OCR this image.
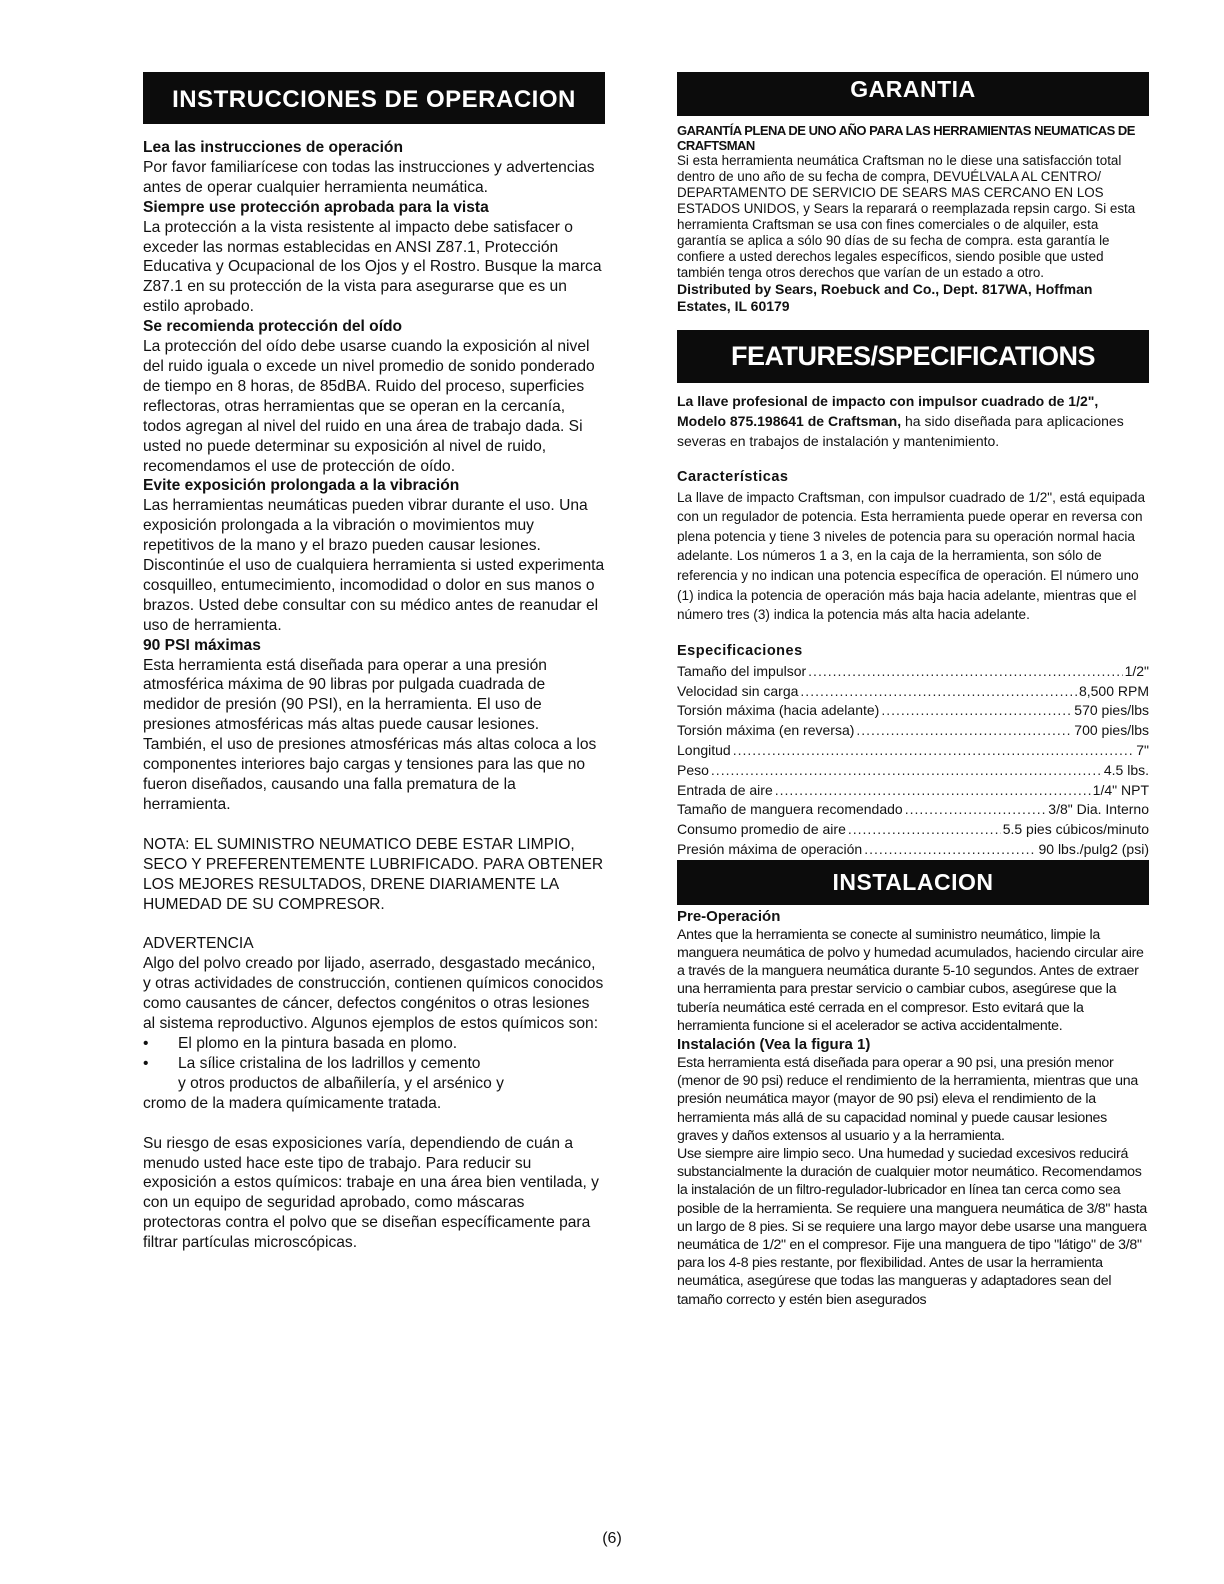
INSTRUCCIONES DE OPERACION

Lea las instrucciones de operación

Por favor familiarícese con todas las instrucciones y advertencias antes de operar cualquier herramienta neumática.

Siempre use protección aprobada para la vista

La protección a la vista resistente al impacto debe satisfacer o exceder las normas establecidas en ANSI Z87.1, Protección Educativa y Ocupacional de los Ojos y el Rostro. Busque la marca Z87.1 en su protección de la vista para asegurarse que es un estilo aprobado.

Se recomienda protección del oído

La protección del oído debe usarse cuando la exposición al nivel del ruido iguala o excede un nivel promedio de sonido ponderado de tiempo en 8 horas, de 85dBA. Ruido del proceso, superficies reflectoras, otras herramientas que se operan en la cercanía, todos agregan al nivel del ruido en una área de trabajo dada. Si usted no puede determinar su exposición al nivel de ruido, recomendamos el use de protección de oído.

Evite exposición prolongada a la vibración

Las herramientas neumáticas pueden vibrar durante el uso. Una exposición prolongada a la vibración o movimientos muy repetitivos de la mano y el brazo pueden causar lesiones. Discontinúe el uso de cualquiera herramienta si usted experimenta cosquilleo, entumecimiento, incomodidad o dolor en sus manos o brazos. Usted debe consultar con su médico antes de reanudar el uso de herramienta.

90 PSI máximas

Esta herramienta está diseñada para operar a una presión atmosférica máxima de 90 libras por pulgada cuadrada de medidor de presión (90 PSI), en la herramienta. El uso de presiones atmosféricas más altas puede causar lesiones. También, el uso de presiones atmosféricas más altas coloca a los componentes interiores bajo cargas y tensiones para las que no fueron diseñados, causando una falla prematura de la herramienta.

NOTA: EL SUMINISTRO NEUMATICO DEBE ESTAR LIMPIO, SECO Y PREFERENTEMENTE LUBRIFICADO. PARA OBTENER LOS MEJORES RESULTADOS, DRENE DIARIAMENTE LA HUMEDAD DE SU COMPRESOR.

ADVERTENCIA

Algo del polvo creado por lijado, aserrado, desgastado mecánico, y otras actividades de construcción, contienen químicos conocidos como causantes de cáncer, defectos congénitos o otras lesiones al sistema reproductivo. Algunos ejemplos de estos químicos son:

• El plomo en la pintura basada en plomo.
• La sílice cristalina de los ladrillos y cemento
y otros productos de albañilería, y el arsénico y

cromo de la madera químicamente tratada.

Su riesgo de esas exposiciones varía, dependiendo de cuán a menudo usted hace este tipo de trabajo. Para reducir su exposición a estos químicos: trabaje en una área bien ventilada, y con un equipo de seguridad aprobado, como máscaras protectoras contra el polvo que se diseñan específicamente para filtrar partículas microscópicas.

GARANTIA

GARANTÍA PLENA DE UNO AÑO PARA LAS HERRAMIENTAS NEUMATICAS DE CRAFTSMAN

Si esta herramienta neumática Craftsman no le diese una satisfacción total dentro de uno año de su fecha de compra, DEVUÉLVALA AL CENTRO/ DEPARTAMENTO DE SERVICIO DE SEARS MAS CERCANO EN LOS ESTADOS UNIDOS, y Sears la reparará o reemplazada repsin cargo. Si esta herramienta Craftsman se usa con fines comerciales o de alquiler, esta garantía se aplica a sólo 90 días de su fecha de compra. esta garantía le confiere a usted derechos legales específicos, siendo posible que usted también tenga otros derechos que varían de un estado a otro.

Distributed by Sears, Roebuck and Co., Dept. 817WA, Hoffman Estates, IL 60179

FEATURES/SPECIFICATIONS

La llave profesional de impacto con impulsor cuadrado de 1/2", Modelo 875.198641 de Craftsman, ha sido diseñada para aplicaciones severas en trabajos de instalación y mantenimiento.

Características

La llave de impacto Craftsman, con impulsor cuadrado de 1/2", está equipada con un regulador de potencia. Esta herramienta puede operar en reversa con plena potencia y tiene 3 niveles de potencia para su operación normal hacia adelante. Los números 1 a 3, en la caja de la herramienta, son sólo de referencia y no indican una potencia específica de operación. El número uno (1) indica la potencia de operación más baja hacia adelante, mientras que el número tres (3) indica la potencia más alta hacia adelante.

Especificaciones

Tamaño del impulsor .....	1/2"
Velocidad sin carga .....	8,500 RPM
Torsión máxima (hacia adelante) .....	570 pies/lbs
Torsión máxima (en reversa) .....	700 pies/lbs
Longitud .....	7"
Peso .....	4.5 lbs.
Entrada de aire .....	1/4" NPT
Tamaño de manguera recomendado .....	3/8" Dia. Interno
Consumo promedio de aire .....	5.5 pies cúbicos/minuto
Presión máxima de operación .....	90 lbs./pulg2 (psi)
INSTALACION

Pre-Operación

Antes que la herramienta se conecte al suministro neumático, limpie la manguera neumática de polvo y humedad acumulados, haciendo circular aire a través de la manguera neumática durante 5-10 segundos. Antes de extraer una herramienta para prestar servicio o cambiar cubos, asegúrese que la tubería neumática esté cerrada en el compresor. Esto evitará que la herramienta funcione si el acelerador se activa accidentalmente.

Instalación (Vea la figura 1)

Esta herramienta está diseñada para operar a 90 psi, una presión menor (menor de 90 psi) reduce el rendimiento de la herramienta, mientras que una presión neumática mayor (mayor de 90 psi) eleva el rendimiento de la herramienta más allá de su capacidad nominal y puede causar lesiones graves y daños extensos al usuario y a la herramienta.

Use siempre aire limpio seco. Una humedad y suciedad excesivos reducirá substancialmente la duración de cualquier motor neumático. Recomendamos la instalación de un filtro-regulador-lubricador en línea tan cerca como sea posible de la herramienta. Se requiere una manguera neumática de 3/8" hasta un largo de 8 pies. Si se requiere una largo mayor debe usarse una manguera neumática de 1/2" en el compresor. Fije una manguera de tipo "látigo" de 3/8" para los 4-8 pies restante, por flexibilidad. Antes de usar la herramienta neumática, asegúrese que todas las mangueras y adaptadores sean del tamaño correcto y estén bien asegurados

(6)
